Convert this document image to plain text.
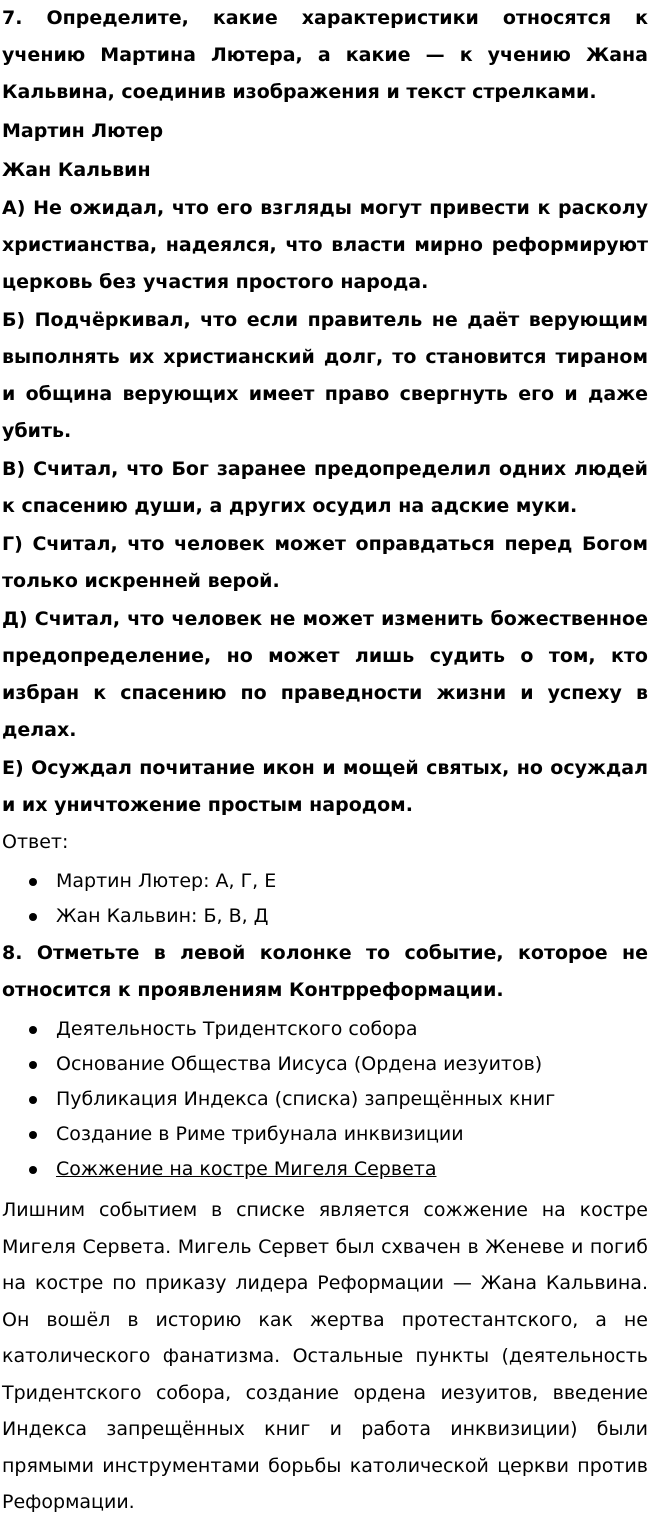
7. Определите, какие характеристики относятся к учению Мартина Лютера, а какие — к учению Жана Кальвина, соединив изображения и текст стрелками.

Мартин Лютер

Жан Кальвин

А) Не ожидал, что его взгляды могут привести к расколу христианства, надеялся, что власти мирно реформируют церковь без участия простого народа.

Б) Подчёркивал, что если правитель не даёт верующим выполнять их христианский долг, то становится тираном и община верующих имеет право свергнуть его и даже убить.

В) Считал, что Бог заранее предопределил одних людей к спасению души, а других осудил на адские муки.

Г) Считал, что человек может оправдаться перед Богом только искренней верой.

Д) Считал, что человек не может изменить божественное предопределение, но может лишь судить о том, кто избран к спасению по праведности жизни и успеху в делах.

Е) Осуждал почитание икон и мощей святых, но осуждал и их уничтожение простым народом.

Ответ:

Мартин Лютер: А, Г, Е
Жан Кальвин: Б, В, Д

8. Отметьте в левой колонке то событие, которое не относится к проявлениям Контрреформации.

Деятельность Тридентского собора
Основание Общества Иисуса (Ордена иезуитов)
Публикация Индекса (списка) запрещённых книг
Создание в Риме трибунала инквизиции
Сожжение на костре Мигеля Сервета

Лишним событием в списке является сожжение на костре Мигеля Сервета. Мигель Сервет был схвачен в Женеве и погиб на костре по приказу лидера Реформации — Жана Кальвина. Он вошёл в историю как жертва протестантского, а не католического фанатизма. Остальные пункты (деятельность Тридентского собора, создание ордена иезуитов, введение Индекса запрещённых книг и работа инквизиции) были прямыми инструментами борьбы католической церкви против Реформации.
